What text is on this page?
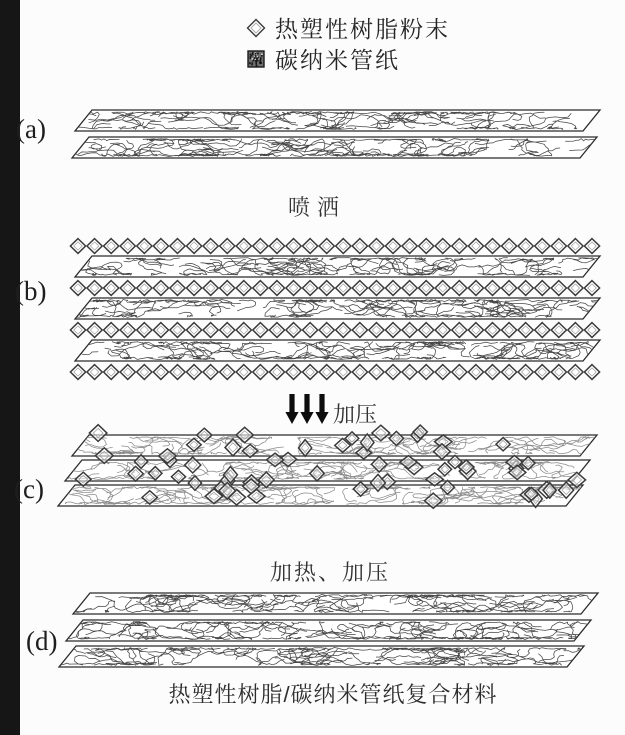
热塑性树脂粉末
碳纳米管纸
(a)
(b)
(c)
(d)
喷洒
加压
加热、加压
热塑性树脂/碳纳米管纸复合材料
